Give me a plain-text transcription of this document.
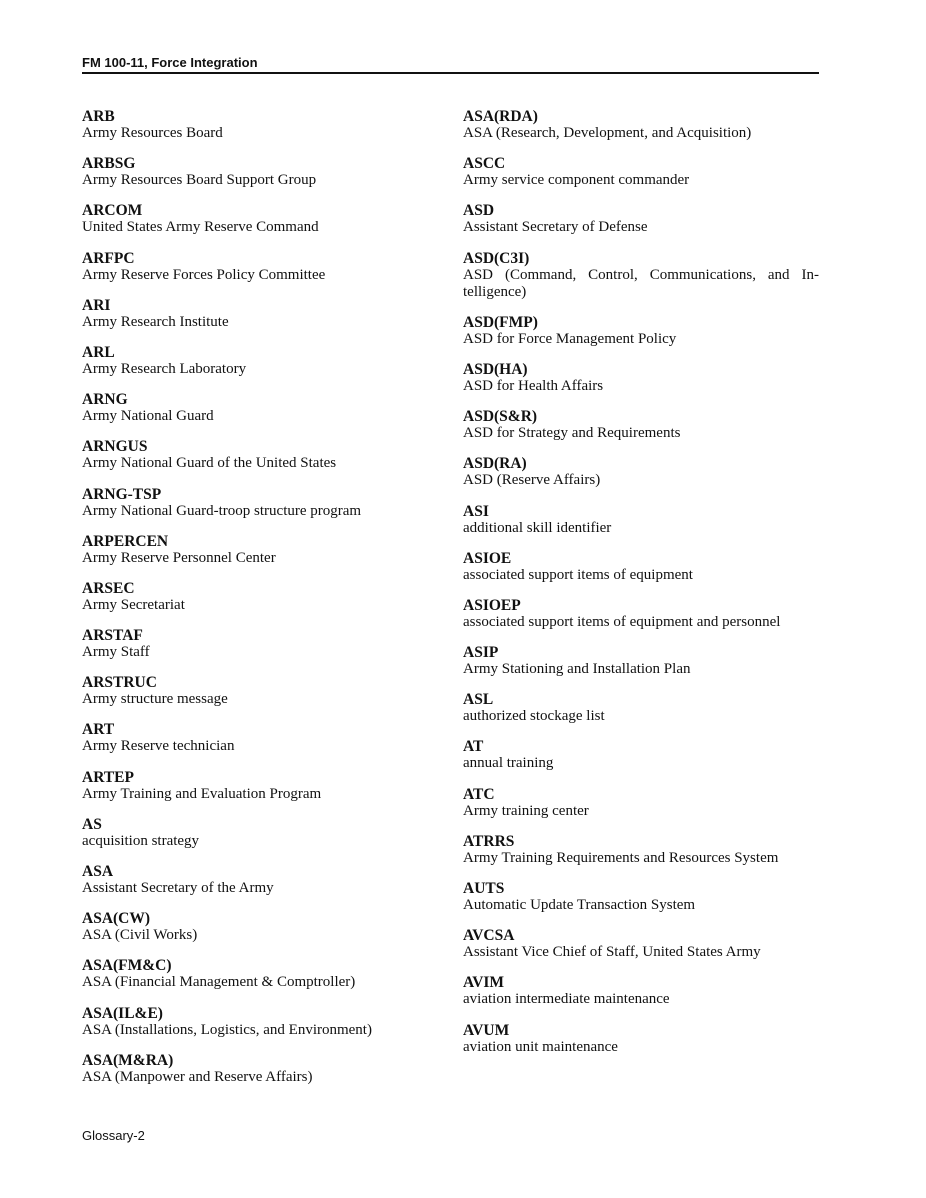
FM 100-11, Force Integration
ARB
Army Resources Board
ARBSG
Army Resources Board Support Group
ARCOM
United States Army Reserve Command
ARFPC
Army Reserve Forces Policy Committee
ARI
Army Research Institute
ARL
Army Research Laboratory
ARNG
Army National Guard
ARNGUS
Army National Guard of the United States
ARNG-TSP
Army National Guard-troop structure program
ARPERCEN
Army Reserve Personnel Center
ARSEC
Army Secretariat
ARSTAF
Army Staff
ARSTRUC
Army structure message
ART
Army Reserve technician
ARTEP
Army Training and Evaluation Program
AS
acquisition strategy
ASA
Assistant Secretary of the Army
ASA(CW)
ASA (Civil Works)
ASA(FM&C)
ASA (Financial Management & Comptroller)
ASA(IL&E)
ASA (Installations, Logistics, and Environment)
ASA(M&RA)
ASA (Manpower and Reserve Affairs)
ASA(RDA)
ASA (Research, Development, and Acquisition)
ASCC
Army service component commander
ASD
Assistant Secretary of Defense
ASD(C3I)
ASD (Command, Control, Communications, and In-telligence)
ASD(FMP)
ASD for Force Management Policy
ASD(HA)
ASD for Health Affairs
ASD(S&R)
ASD for Strategy and Requirements
ASD(RA)
ASD (Reserve Affairs)
ASI
additional skill identifier
ASIOE
associated support items of equipment
ASIOEP
associated support items of equipment and personnel
ASIP
Army Stationing and Installation Plan
ASL
authorized stockage list
AT
annual training
ATC
Army training center
ATRRS
Army Training Requirements and Resources System
AUTS
Automatic Update Transaction System
AVCSA
Assistant Vice Chief of Staff, United States Army
AVIM
aviation intermediate maintenance
AVUM
aviation unit maintenance
Glossary-2
